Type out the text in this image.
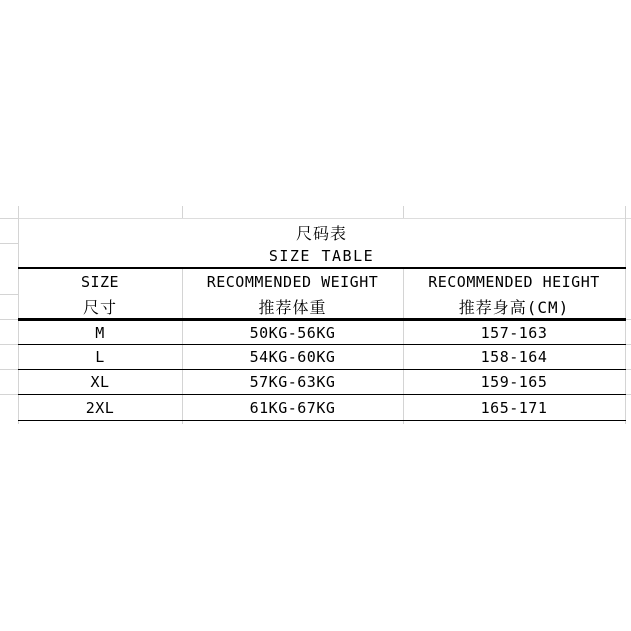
尺码表
SIZE TABLE
SIZE	RECOMMENDED WEIGHT	RECOMMENDED HEIGHT
尺寸	推荐体重	推荐身高(CM)
M	50KG-56KG	157-163
L	54KG-60KG	158-164
XL	57KG-63KG	159-165
2XL	61KG-67KG	165-171
